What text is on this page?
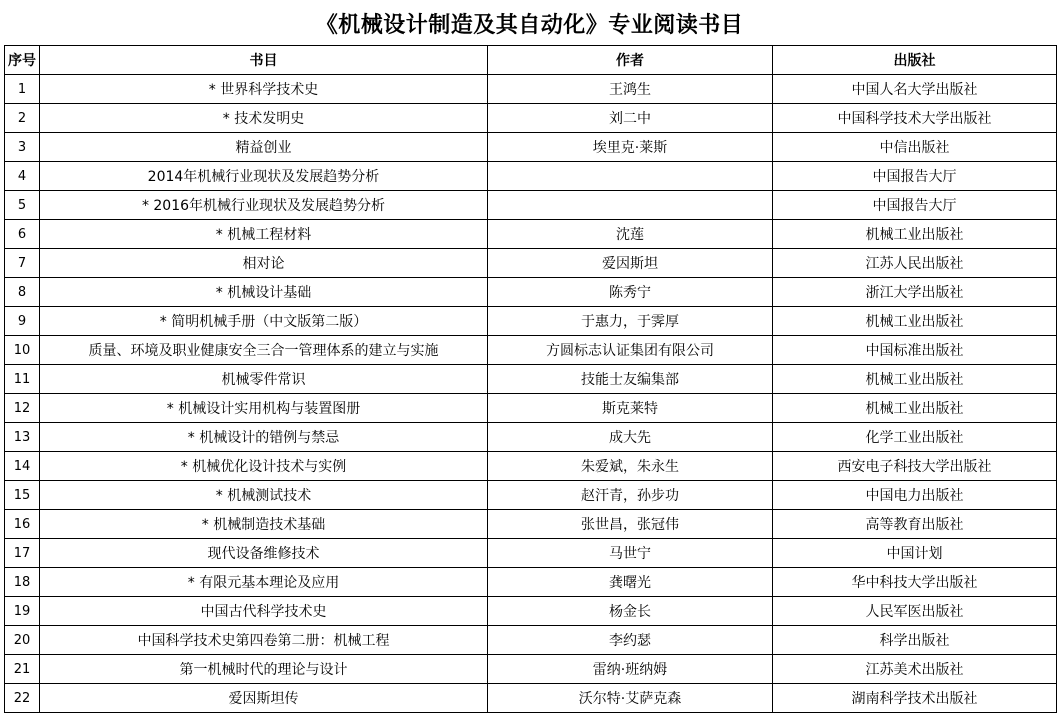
《机械设计制造及其自动化》专业阅读书目
序号	书目	作者	出版社
1	* 世界科学技术史	王鸿生	中国人名大学出版社
2	* 技术发明史	刘二中	中国科学技术大学出版社
3	精益创业	埃里克·莱斯	中信出版社
4	2014年机械行业现状及发展趋势分析		中国报告大厅
5	* 2016年机械行业现状及发展趋势分析		中国报告大厅
6	* 机械工程材料	沈莲	机械工业出版社
7	相对论	爱因斯坦	江苏人民出版社
8	* 机械设计基础	陈秀宁	浙江大学出版社
9	* 简明机械手册（中文版第二版）	于惠力，于霁厚	机械工业出版社
10	质量、环境及职业健康安全三合一管理体系的建立与实施	方圆标志认证集团有限公司	中国标准出版社
11	机械零件常识	技能士友编集部	机械工业出版社
12	* 机械设计实用机构与装置图册	斯克莱特	机械工业出版社
13	* 机械设计的错例与禁忌	成大先	化学工业出版社
14	* 机械优化设计技术与实例	朱爱斌，朱永生	西安电子科技大学出版社
15	* 机械测试技术	赵汗青，孙步功	中国电力出版社
16	* 机械制造技术基础	张世昌，张冠伟	高等教育出版社
17	现代设备维修技术	马世宁	中国计划
18	* 有限元基本理论及应用	龚曙光	华中科技大学出版社
19	中国古代科学技术史	杨金长	人民军医出版社
20	中国科学技术史第四卷第二册：机械工程	李约瑟	科学出版社
21	第一机械时代的理论与设计	雷纳·班纳姆	江苏美术出版社
22	爱因斯坦传	沃尔特·艾萨克森	湖南科学技术出版社
